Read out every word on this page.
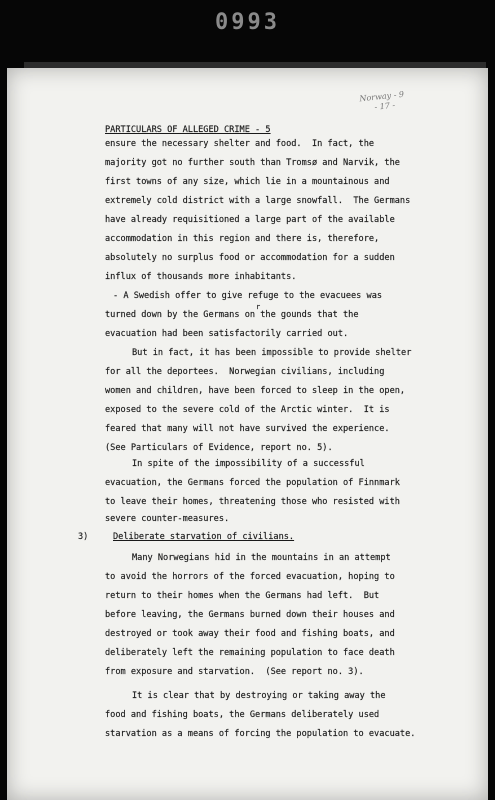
0993
Norway - 9
- 17 -
PARTICULARS OF ALLEGED CRIME - 5
ensure the necessary shelter and food.  In fact, the
majority got no further south than Tromsø and Narvik, the
first towns of any size, which lie in a mountainous and
extremely cold district with a large snowfall.  The Germans
have already requisitioned a large part of the available
accommodation in this region and there is, therefore,
absolutely no surplus food or accommodation for a sudden
influx of thousands more inhabitants.
- A Swedish offer to give refuge to the evacuees was
r
turned down by the Germans on the gounds that the
evacuation had been satisfactorily carried out.
But in fact, it has been impossible to provide shelter
for all the deportees.  Norwegian civilians, including
women and children, have been forced to sleep in the open,
exposed to the severe cold of the Arctic winter.  It is
feared that many will not have survived the experience.
(See Particulars of Evidence, report no. 5).
In spite of the impossibility of a successful
evacuation, the Germans forced the population of Finnmark
to leave their homes, threatening those who resisted with
severe counter-measures.
3)	Deliberate starvation of civilians.
Many Norwegians hid in the mountains in an attempt
to avoid the horrors of the forced evacuation, hoping to
return to their homes when the Germans had left.  But
before leaving, the Germans burned down their houses and
destroyed or took away their food and fishing boats, and
deliberately left the remaining population to face death
from exposure and starvation.  (See report no. 3).
It is clear that by destroying or taking away the
food and fishing boats, the Germans deliberately used
starvation as a means of forcing the population to evacuate.
